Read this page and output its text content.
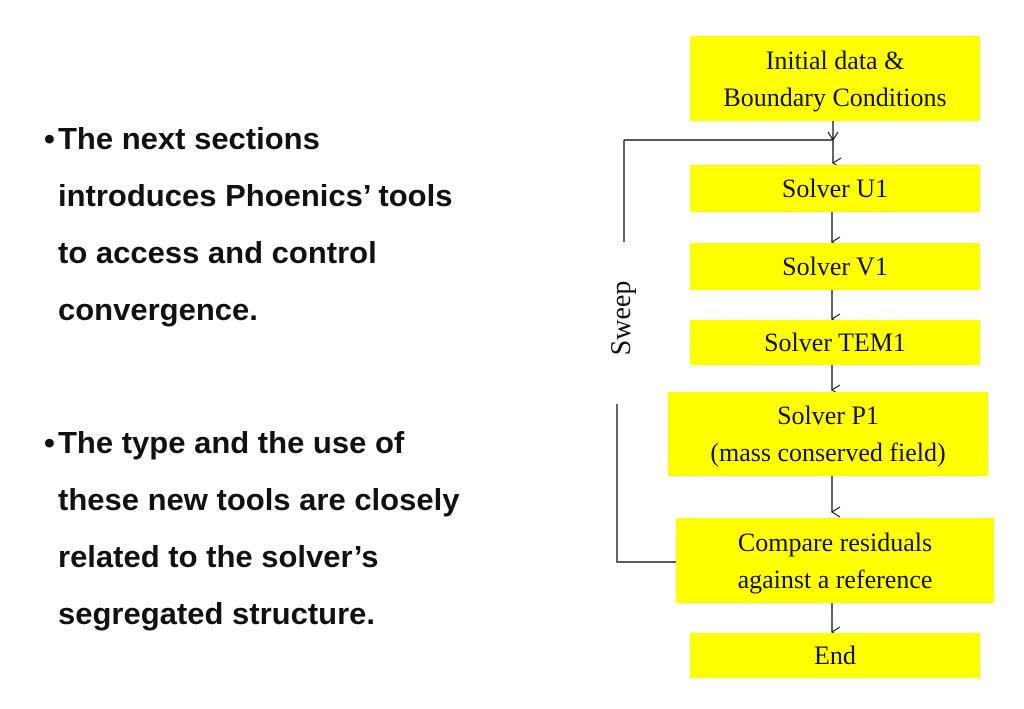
• The next sections
introduces Phoenics’ tools
to access and control
convergence.
• The type and the use of
these new tools are closely
related to the solver’s
segregated structure.
Sweep
Initial data &
Boundary Conditions
Solver U1
Solver V1
Solver TEM1
Solver P1
(mass conserved field)
Compare residuals
against a reference
End
